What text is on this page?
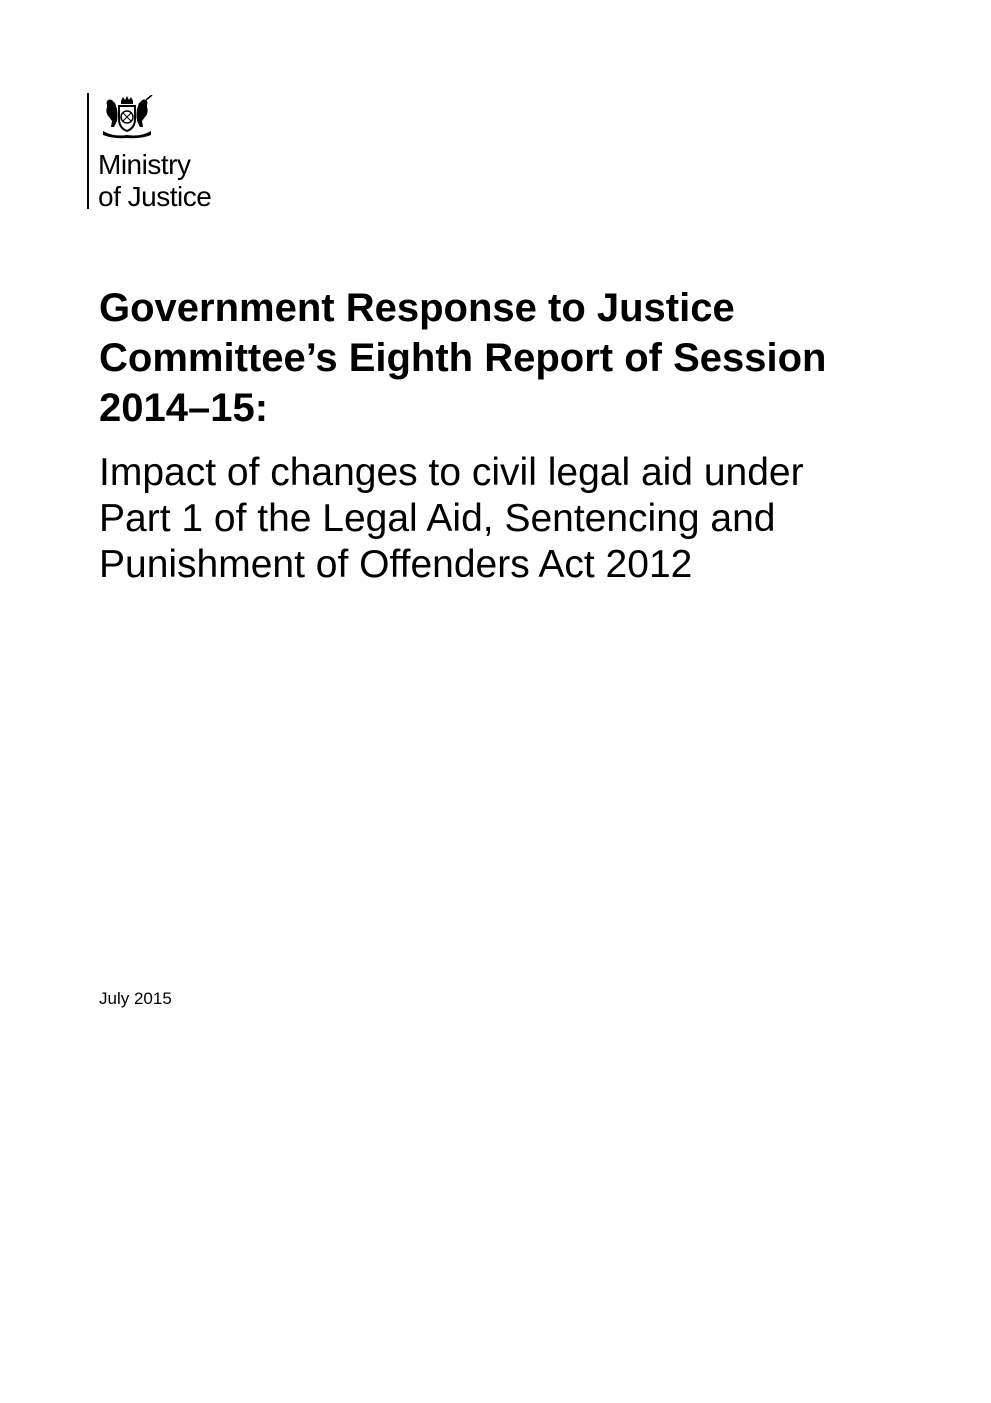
Ministry
of Justice
Government Response to Justice
Committee’s Eighth Report of Session
2014–15:
Impact of changes to civil legal aid under
Part 1 of the Legal Aid, Sentencing and
Punishment of Offenders Act 2012
July 2015
